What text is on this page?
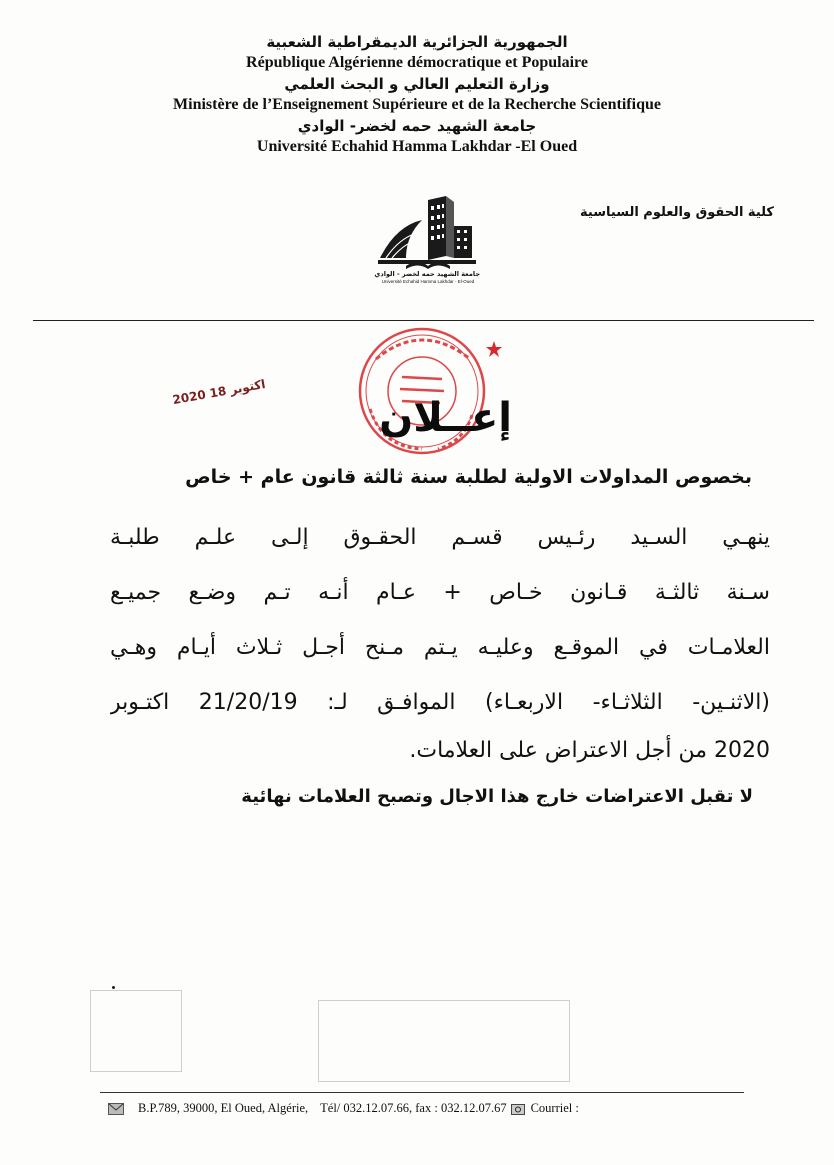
الجمهورية الجزائرية الديمقراطية الشعبية
République Algérienne démocratique et Populaire
وزارة التعليم العالي و البحث العلمي
Ministère de l’Enseignement Supérieure et de la Recherche Scientifique
جامعة الشهيد حمه لخضر- الوادي
Université Echahid Hamma Lakhdar -El Oued
كلية الحقوق والعلوم السياسية
جامعة الشهيد حمه لخضر - الوادي
Université Echahid Hamma Lakhdar - El-Oued
2020 اكتوبر 18
إعــلان
بخصوص المداولات الاولية لطلبة سنة ثالثة قانون عام + خاص
ينهـي السـيد رئـيس قسـم الحقـوق إلـى علـم طلبـة
سـنة ثالثـة قـانون خـاص + عـام أنـه تـم وضـع جميـع
العلامـات في الموقـع وعليـه يـتم مـنح أجـل ثـلاث أيـام وهـي
(الاثنـين- الثلاثـاء- الاربعـاء) الموافـق لـ: 21/20/19 اكتـوبر
2020 من أجل الاعتراض على العلامات.
لا تقبل الاعتراضات خارج هذا الاجال وتصبح العلامات نهائية
B.P.789, 39000, El Oued, Algérie, Tél/ 032.12.07.66, fax : 032.12.07.67 Courriel :
